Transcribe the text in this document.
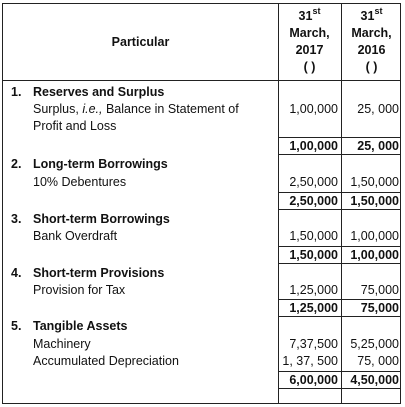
Particular
31st
March,
2017
( )
31st
March,
2016
( )
1. Reserves and Surplus
Surplus, i.e., Balance in Statement of	1,00,000	25, 000
Profit and Loss
1,00,000	25, 000
2. Long-term Borrowings
10% Debentures	2,50,000 1,50,000
2,50,000 1,50,000
3. Short-term Borrowings
Bank Overdraft	1,50,000 1,00,000
1,50,000 1,00,000
4. Short-term Provisions
Provision for Tax	1,25,000	75,000
1,25,000	75,000
5. Tangible Assets
Machinery	7,37,500 5,25,000
Accumulated Depreciation	1, 37, 500	75, 000
6,00,000 4,50,000
